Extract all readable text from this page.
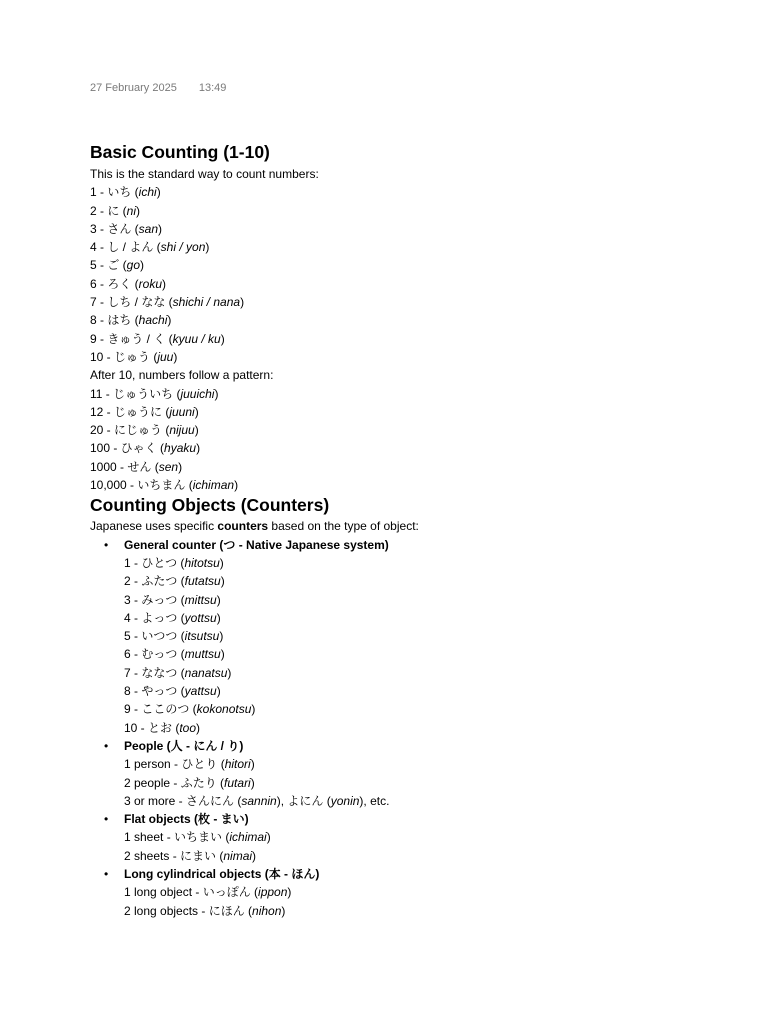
27 February 2025 13:49
Basic Counting (1-10)
This is the standard way to count numbers:
1 - いち (ichi)
2 - に (ni)
3 - さん (san)
4 - し / よん (shi / yon)
5 - ご (go)
6 - ろく (roku)
7 - しち / なな (shichi / nana)
8 - はち (hachi)
9 - きゅう / く (kyuu / ku)
10 - じゅう (juu)
After 10, numbers follow a pattern:
11 - じゅういち (juuichi)
12 - じゅうに (juuni)
20 - にじゅう (nijuu)
100 - ひゃく (hyaku)
1000 - せん (sen)
10,000 - いちまん (ichiman)
Counting Objects (Counters)
Japanese uses specific counters based on the type of object:
• General counter (つ - Native Japanese system)
1 - ひとつ (hitotsu)
2 - ふたつ (futatsu)
3 - みっつ (mittsu)
4 - よっつ (yottsu)
5 - いつつ (itsutsu)
6 - むっつ (muttsu)
7 - ななつ (nanatsu)
8 - やっつ (yattsu)
9 - ここのつ (kokonotsu)
10 - とお (too)
• People (人 - にん / り)
1 person - ひとり (hitori)
2 people - ふたり (futari)
3 or more - さんにん (sannin), よにん (yonin), etc.
• Flat objects (枚 - まい)
1 sheet - いちまい (ichimai)
2 sheets - にまい (nimai)
• Long cylindrical objects (本 - ほん)
1 long object - いっぽん (ippon)
2 long objects - にほん (nihon)
